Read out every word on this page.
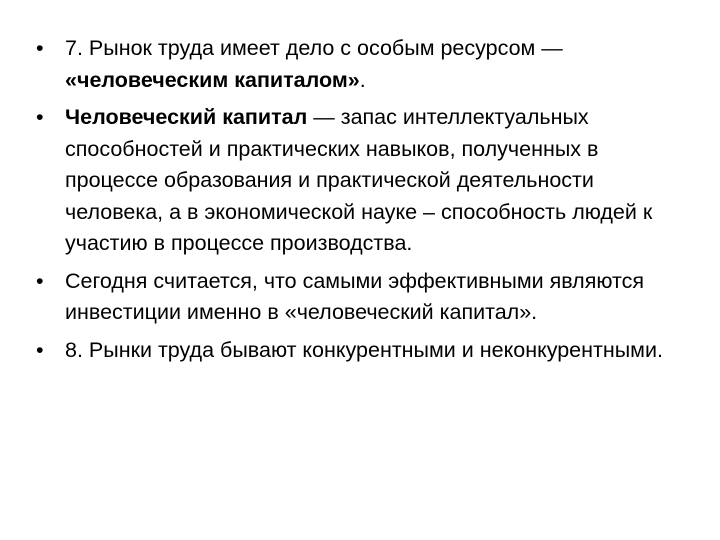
• 7. Рынок труда имеет дело с особым ресурсом — «человеческим капиталом».
• Человеческий капитал — запас интеллектуальных способностей и практических навыков, полученных в процессе образования и практической деятельности человека, а в экономической науке – способность людей к участию в процессе производства.
• Сегодня считается, что самыми эффективными являются инвестиции именно в «человеческий капитал».
• 8. Рынки труда бывают конкурентными и неконкурентными.
